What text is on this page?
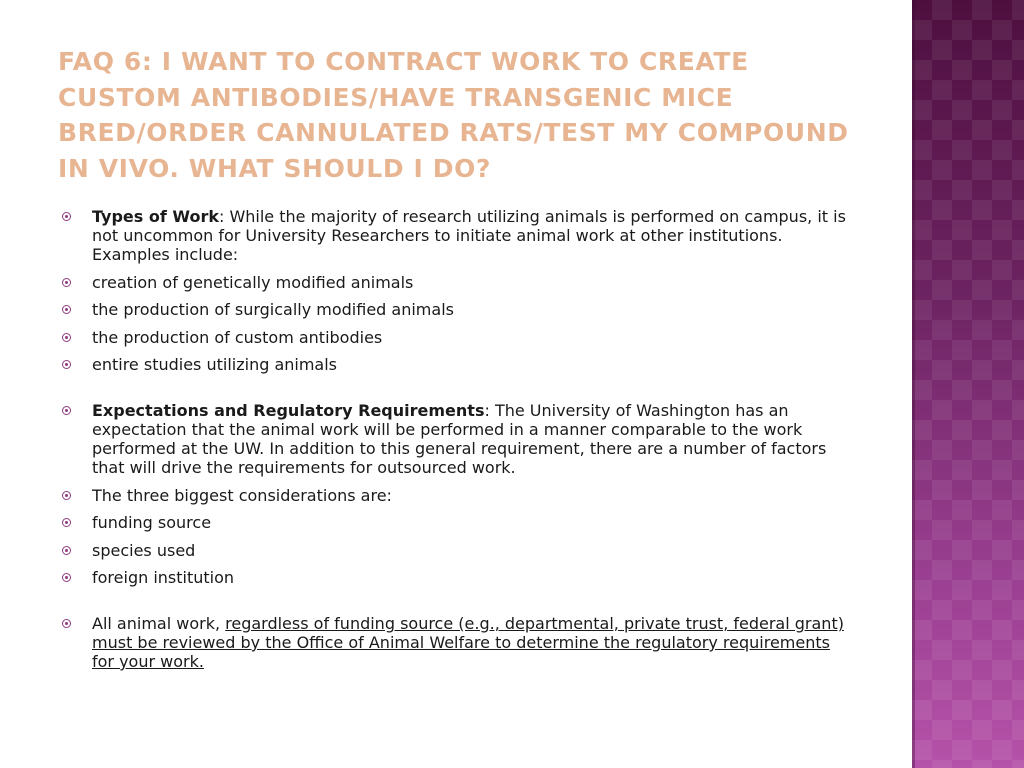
FAQ 6: I WANT TO CONTRACT WORK TO CREATE CUSTOM ANTIBODIES/HAVE TRANSGENIC MICE BRED/ORDER CANNULATED RATS/TEST MY COMPOUND IN VIVO. WHAT SHOULD I DO?
Types of Work: While the majority of research utilizing animals is performed on campus, it is not uncommon for University Researchers to initiate animal work at other institutions. Examples include:
creation of genetically modified animals
the production of surgically modified animals
the production of custom antibodies
entire studies utilizing animals
Expectations and Regulatory Requirements: The University of Washington has an expectation that the animal work will be performed in a manner comparable to the work performed at the UW. In addition to this general requirement, there are a number of factors that will drive the requirements for outsourced work.
The three biggest considerations are:
funding source
species used
foreign institution
All animal work, regardless of funding source (e.g., departmental, private trust, federal grant) must be reviewed by the Office of Animal Welfare to determine the regulatory requirements for your work.
